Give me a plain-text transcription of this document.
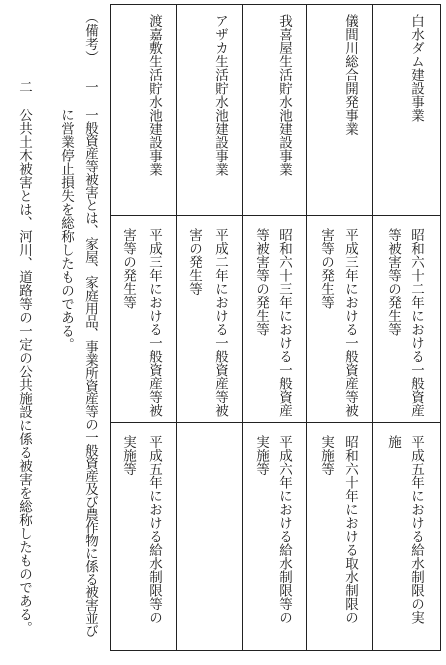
白水ダム建設事業
昭和六十二年における一般資産
等被害等の発生等
平成五年における給水制限の実
施
儀間川総合開発事業
平成三年における一般資産等被
害等の発生等
昭和六十年における取水制限の
実施等
我喜屋生活貯水池建設事業
昭和六十三年における一般資産
等被害等の発生等
平成六年における給水制限等の
実施等
アザカ生活貯水池建設事業
平成二年における一般資産等被
害の発生等
渡嘉敷生活貯水池建設事業
平成三年における一般資産等被
害等の発生等
平成五年における給水制限等の
実施等
（備考）
一
一般資産等被害とは、家屋、家庭用品、事業所資産等の一般資産及び農作物に係る被害並び
に営業停止損失を総称したものである。
二
公共土木被害とは、河川、道路等の一定の公共施設に係る被害を総称したものである。
